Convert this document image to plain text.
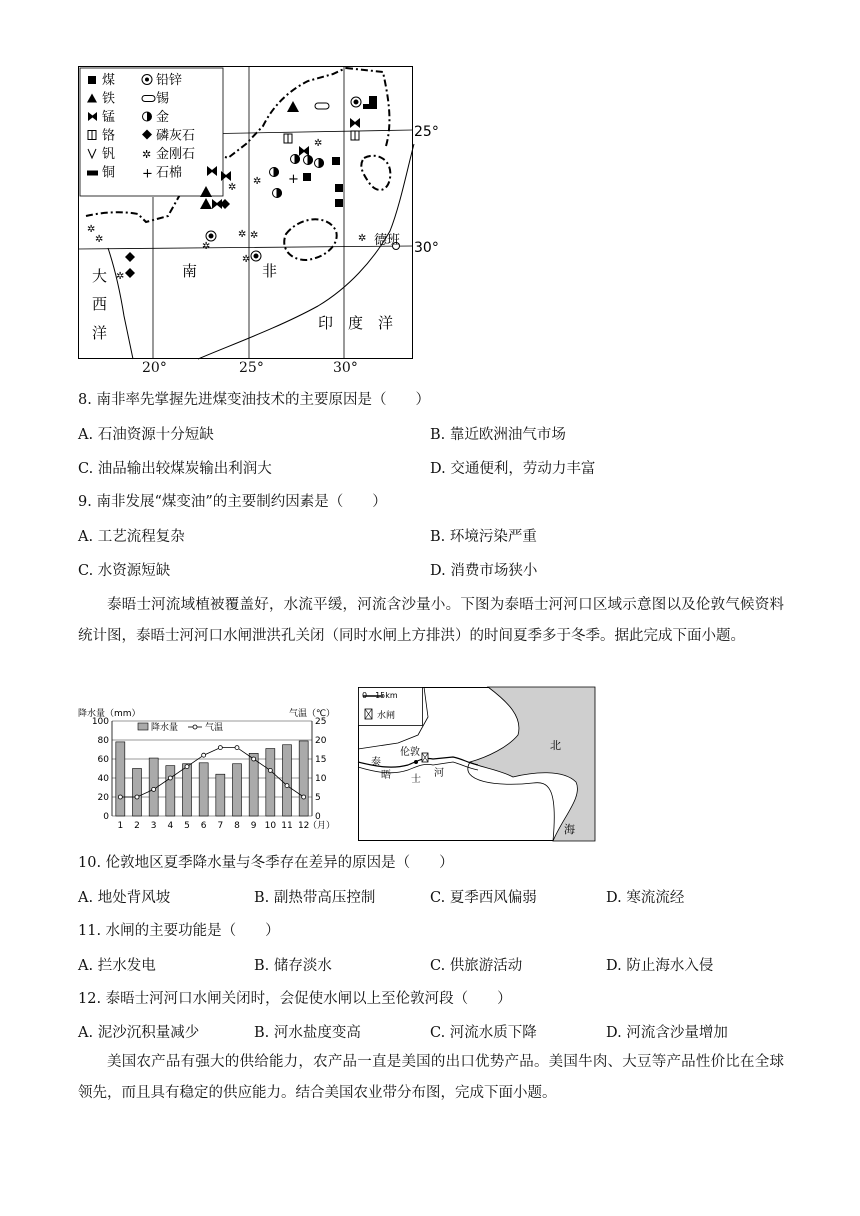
煤	铅锌
铁	锡
锰	金
铬	磷灰石
钒 ✲ 金刚石
铜 + 石棉
✲
✲
✲
✲
✲ ✲
✲
✲
✲
✲
✲
+
25°
30°
德班
大
西
洋
南	非
印　度　洋
20°	25°	30°
8. 南非率先掌握先进煤变油技术的主要原因是（　　）
A. 石油资源十分短缺	B. 靠近欧洲油气市场
C. 油品输出较煤炭输出利润大	D. 交通便利，劳动力丰富
9. 南非发展“煤变油”的主要制约因素是（　　）
A. 工艺流程复杂	B. 环境污染严重
C. 水资源短缺	D. 消费市场狭小
泰晤士河流域植被覆盖好，水流平缓，河流含沙量小。下图为泰晤士河河口区域示意图以及伦敦气候资料统计图，泰晤士河河口水闸泄洪孔关闭（同时水闸上方排洪）的时间夏季多于冬季。据此完成下面小题。
降水量（mm）	气温（℃）
0
20
40
60
80
100
0
5
10
15
20
25
1 2 3 4 5 6 7 8 9 10 11 12
（月）
降水量	气温
0　15km
水闸
伦敦
泰
晤 士
河
北
海
10. 伦敦地区夏季降水量与冬季存在差异的原因是（　　）
A. 地处背风坡	B. 副热带高压控制	C. 夏季西风偏弱	D. 寒流流经
11. 水闸的主要功能是（　　）
A. 拦水发电	B. 储存淡水	C. 供旅游活动	D. 防止海水入侵
12. 泰晤士河河口水闸关闭时，会促使水闸以上至伦敦河段（　　）
A. 泥沙沉积量减少	B. 河水盐度变高	C. 河流水质下降	D. 河流含沙量增加
美国农产品有强大的供给能力，农产品一直是美国的出口优势产品。美国牛肉、大豆等产品性价比在全球领先，而且具有稳定的供应能力。结合美国农业带分布图，完成下面小题。
